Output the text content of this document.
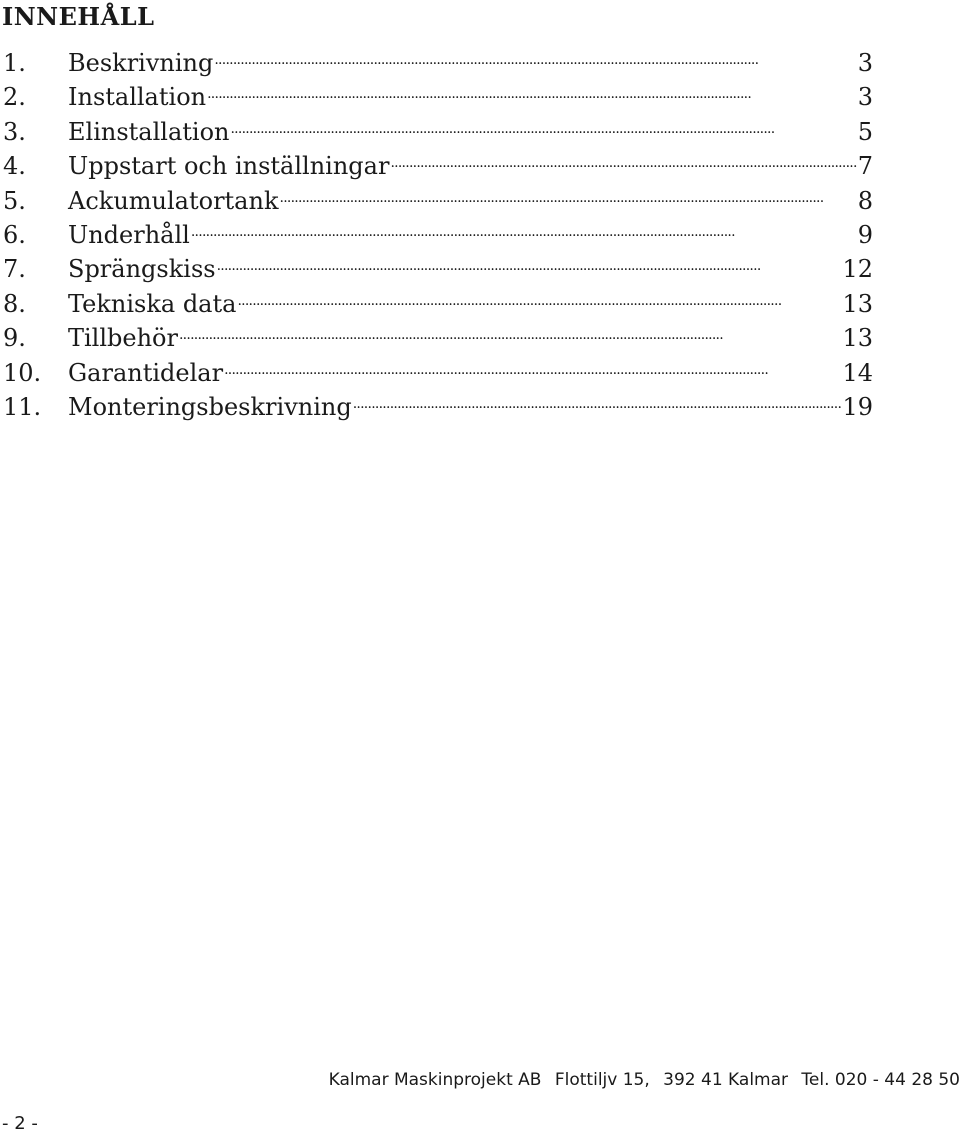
INNEHÅLL
1.	Beskrivning . . .	3
2.	Installation . . .	3
3.	Elinstallation . . .	5
4.	Uppstart och inställningar . . .	7
5.	Ackumulatortank . . .	8
6.	Underhåll . . .	9
7.	Sprängskiss . . .	12
8.	Tekniska data . . .	13
9.	Tillbehör . . .	13
10.	Garantidelar . . .	14
11.	Monteringsbeskrivning . . .	19
Kalmar Maskinprojekt AB Flottiljv 15, 392 41 Kalmar Tel. 020 - 44 28 50
- 2 -
